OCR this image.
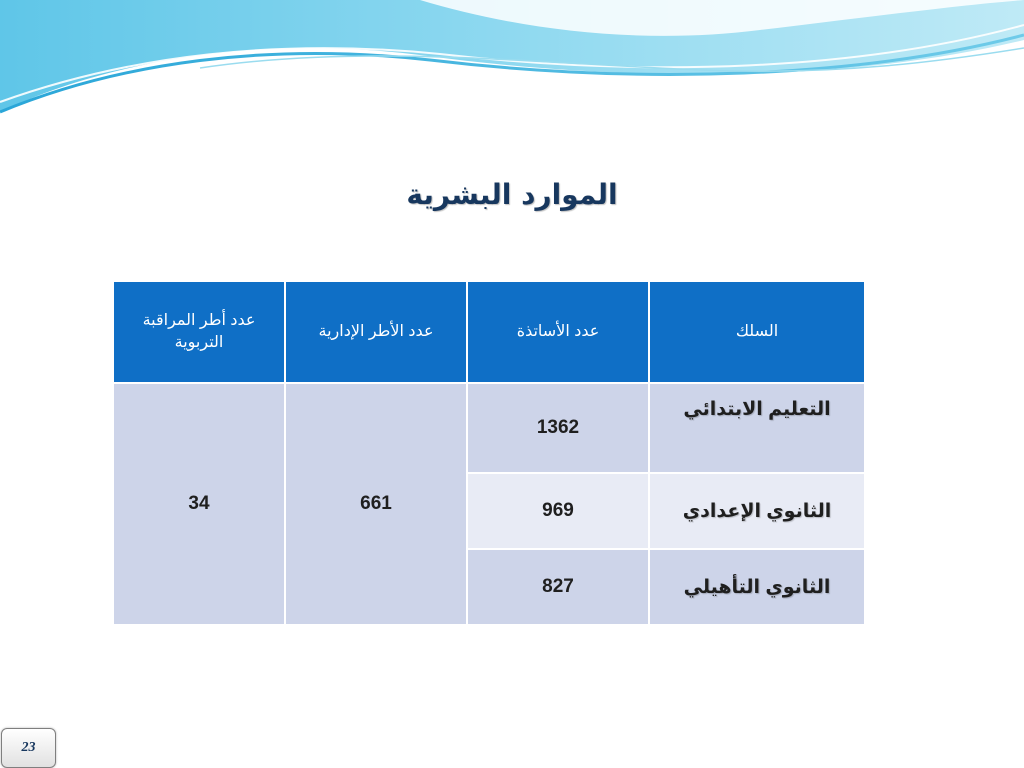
الموارد البشرية
السلك	عدد الأساتذة	عدد الأطر الإدارية	عدد أطر المراقبة التربوية
التعليم الابتدائي	1362	661	34
الثانوي الإعدادي	969		
الثانوي التأهيلي	827		
23
